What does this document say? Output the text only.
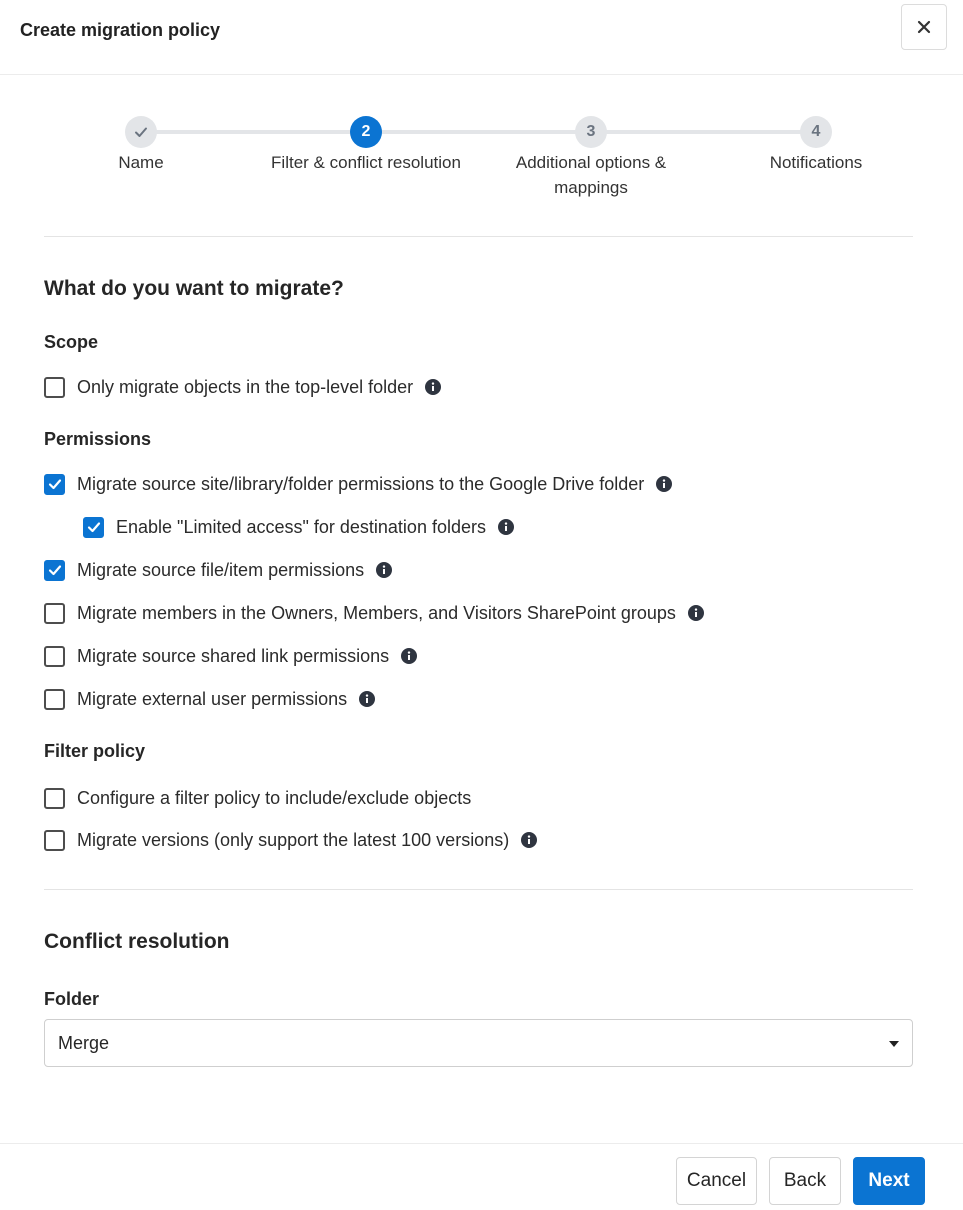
Create migration policy
Name
2
Filter & conflict resolution
3
Additional options & mappings
4
Notifications
What do you want to migrate?
Scope
Only migrate objects in the top-level folder
Permissions
Migrate source site/library/folder permissions to the Google Drive folder
Enable "Limited access" for destination folders
Migrate source file/item permissions
Migrate members in the Owners, Members, and Visitors SharePoint groups
Migrate source shared link permissions
Migrate external user permissions
Filter policy
Configure a filter policy to include/exclude objects
Migrate versions (only support the latest 100 versions)
Conflict resolution
Folder
Merge
Cancel	Back	Next
